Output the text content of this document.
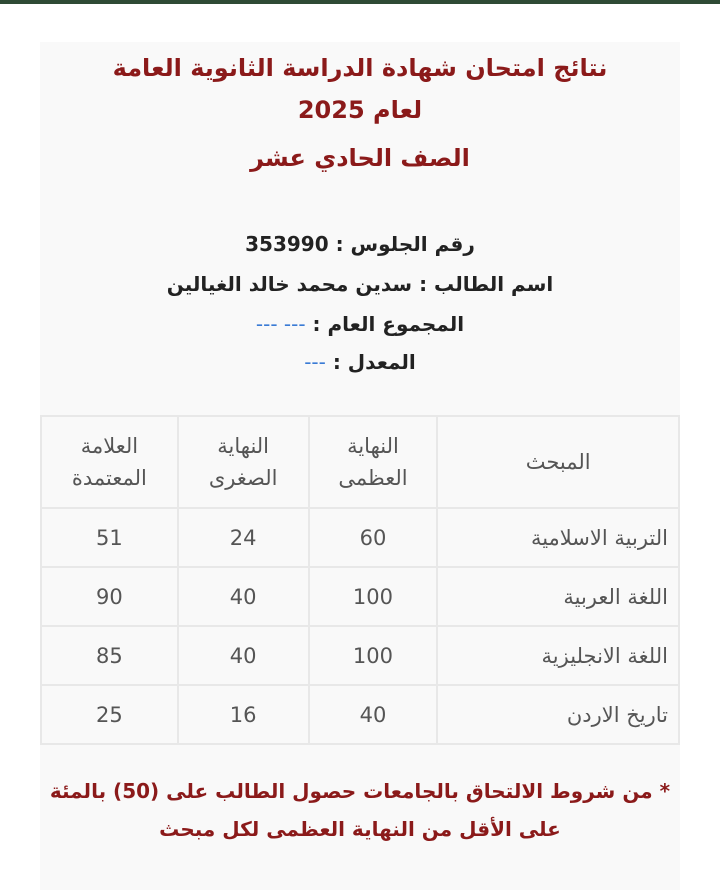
نتائج امتحان شهادة الدراسة الثانوية العامة
لعام 2025
الصف الحادي عشر
رقم الجلوس : 353990
اسم الطالب : سدين محمد خالد الغيالين
المجموع العام : --- ---
المعدل : ---
المبحث	النهاية العظمى	النهاية الصغرى	العلامة المعتمدة
التربية الاسلامية	60	24	51
اللغة العربية	100	40	90
اللغة الانجليزية	100	40	85
تاريخ الاردن	40	16	25
* من شروط الالتحاق بالجامعات حصول الطالب على (50) بالمئة
على الأقل من النهاية العظمى لكل مبحث
